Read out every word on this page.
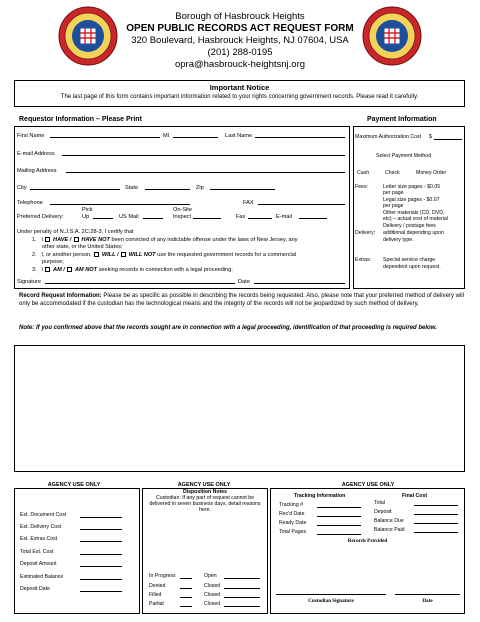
Borough of Hasbrouck Heights
OPEN PUBLIC RECORDS ACT REQUEST FORM
320 Boulevard, Hasbrouck Heights, NJ 07604, USA
(201) 288-0195
opra@hasbrouck-heightsnj.org
Important Notice
The last page of this form contains important information related to your rights concerning government records. Please read it carefully.
Requestor Information – Please Print	Payment Information
First Name	MI	Last Name
E-mail Address
Mailing Address
City	State	Zip
Telephone	FAX
Pick	On-Site
Preferred Delivery:	Up	US Mail	Inspect	Fax	E-mail
Under penalty of N.J.S.A. 2C:28-3, I certify that
1. I HAVE / HAVE NOT been convicted of any indictable offense under the laws of New Jersey, any
other state, or the United States;
2. I, or another person, WILL / WILL NOT use the requested government records for a commercial
purpose;
3. I AM / AM NOT seeking records in connection with a legal proceeding.
Signature	Date
Maximum Authorization Cost $
Select Payment Method
Cash	Check	Money Order
Fees:	Letter size pages - $0.05
per page
Legal size pages - $0.07
per page
Other materials (CD, DVD,
etc) – actual cost of material
Delivery:
Delivery / postage fees
additional depending upon
delivery type.
Extras: Special service charge
dependent upon request.
Record Request Information: Please be as specific as possible in describing the records being requested. Also, please note that your preferred method of delivery will only be accommodated if the custodian has the technological means and the integrity of the records will not be jeopardized by such method of delivery.
Note: If you confirmed above that the records sought are in connection with a legal proceeding, identification of that proceeding is required below.
AGENCY USE ONLY	AGENCY USE ONLY	AGENCY USE ONLY
Est. Document Cost
Est. Delivery Cost
Est. Extras Cost
Total Est. Cost
Deposit Amount
Estimated Balance
Deposit Date
Disposition Notes
Custodian: If any part of request cannot be delivered in seven business days, detail reasons here.
In Progress	Open
Denied	Closed
Filled	Closed
Partial	Closed
Tracking Information	Final Cost
Tracking #
Rec'd Date
Ready Date
Total Pages
Total
Deposit
Balance Due
Balance Paid
Records Provided
Custodian Signature	Date
